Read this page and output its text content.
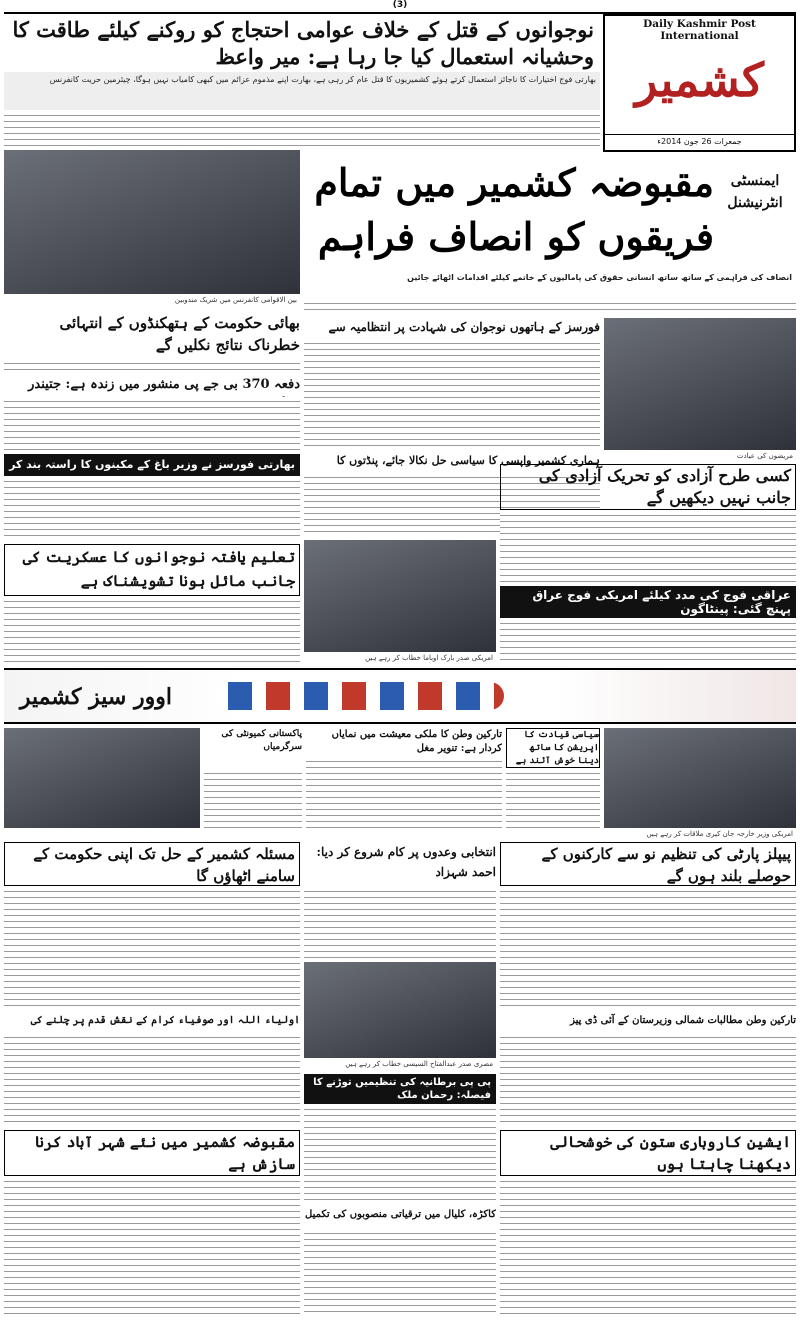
(3)
Daily Kashmir Post International
کشمیر
جمعرات 26 جون 2014ء
نوجوانوں کے قتل کے خلاف عوامی احتجاج کو روکنے کیلئے طاقت کا وحشیانہ استعمال کیا جا رہا ہے: میر واعظ
بھارتی فوج اختیارات کا ناجائز استعمال کرتے ہوئے کشمیریوں کا قتل عام کر رہی ہے، بھارت اپنے مذموم عزائم میں کبھی کامیاب نہیں ہوگا، چیئرمین حریت کانفرنس
بین الاقوامی کانفرنس میں شریک مندوبین
مقبوضہ کشمیر میں تمام فریقوں کو انصاف فراہم
ایمنسٹی انٹرنیشنل
انصاف کی فراہمی کے ساتھ ساتھ انسانی حقوق کی پامالیوں کے خاتمے کیلئے اقدامات اٹھائے جائیں
بھائی حکومت کے ہتھکنڈوں کے انتہائی خطرناک نتائج نکلیں گے
دفعہ 370 بی جے پی منشور میں زندہ ہے: جتیندر
بھارتی فورسز نے وزیر باغ کے مکینوں کا راستہ بند کر
فورسز کے ہاتھوں نوجوان کی شہادت پر انتظامیہ سے
ہماری کشمیر واپسی کا سیاسی حل نکالا جائے، پنڈتوں کا	مریضوں کی عیادت
کسی طرح آزادی کو تحریک آزادی کی جانب نہیں دیکھیں گے
تعلیم یافتہ نوجوانوں کا عسکریت کی جانب مائل ہونا تشویشناک ہے
امریکی صدر بارک اوباما خطاب کر رہے ہیں
عراقی فوج کی مدد کیلئے امریکی فوج عراق پہنچ گئی: پینٹاگون
اوور سیز کشمیر
پاکستانی کمیونٹی کی سرگرمیاں
تارکین وطن کا ملکی معیشت میں نمایاں کردار ہے: تنویر مغل
سیاسی قیادت کا اپریشن کا ساتھ دینا خوش آئند ہے
امریکی وزیر خارجہ جان کیری ملاقات کر رہے ہیں
مسئلہ کشمیر کے حل تک اپنی حکومت کے سامنے اٹھاؤں گا
انتخابی وعدوں پر کام شروع کر دیا: احمد شہزاد
پیپلز پارٹی کی تنظیم نو سے کارکنوں کے حوصلے بلند ہوں گے
مصری صدر عبدالفتاح السیسی خطاب کر رہے ہیں
اولیاء اللہ اور صوفیاء کرام کے نقش قدم پر چلنے کی
مقبوضہ کشمیر میں نئے شہر آباد کرنا سازش ہے
پی پی برطانیہ کی تنظیمیں توڑنے کا فیصلہ: رحمان ملک
کاکڑہ، کلیال میں ترقیاتی منصوبوں کی تکمیل
تارکین وطن مطالبات شمالی وزیرستان کے آئی ڈی پیز
ایشین کاروباری ستون کی خوشحالی دیکھنا چاہتا ہوں
